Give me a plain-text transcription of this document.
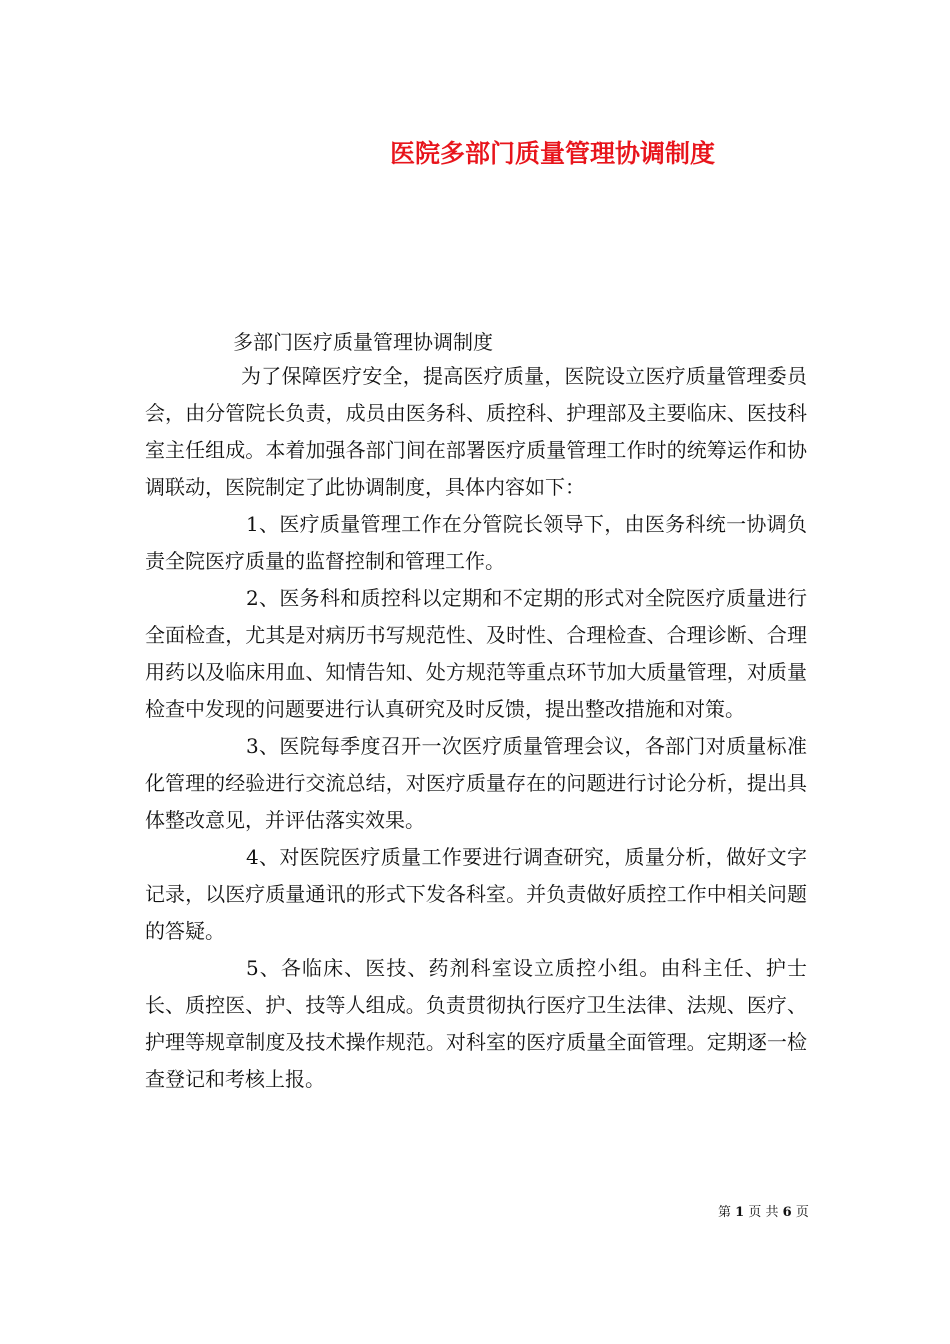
医院多部门质量管理协调制度
多部门医疗质量管理协调制度

为了保障医疗安全，提高医疗质量，医院设立医疗质量管理委员会，由分管院长负责，成员由医务科、质控科、护理部及主要临床、医技科室主任组成。本着加强各部门间在部署医疗质量管理工作时的统筹运作和协调联动，医院制定了此协调制度，具体内容如下：

1、医疗质量管理工作在分管院长领导下，由医务科统一协调负责全院医疗质量的监督控制和管理工作。

2、医务科和质控科以定期和不定期的形式对全院医疗质量进行全面检查，尤其是对病历书写规范性、及时性、合理检查、合理诊断、合理用药以及临床用血、知情告知、处方规范等重点环节加大质量管理，对质量检查中发现的问题要进行认真研究及时反馈，提出整改措施和对策。

3、医院每季度召开一次医疗质量管理会议，各部门对质量标准化管理的经验进行交流总结，对医疗质量存在的问题进行讨论分析，提出具体整改意见，并评估落实效果。

4、对医院医疗质量工作要进行调查研究，质量分析，做好文字记录，以医疗质量通讯的形式下发各科室。并负责做好质控工作中相关问题的答疑。

5、各临床、医技、药剂科室设立质控小组。由科主任、护士长、质控医、护、技等人组成。负责贯彻执行医疗卫生法律、法规、医疗、护理等规章制度及技术操作规范。对科室的医疗质量全面管理。定期逐一检查登记和考核上报。

第 1 页 共 6 页
